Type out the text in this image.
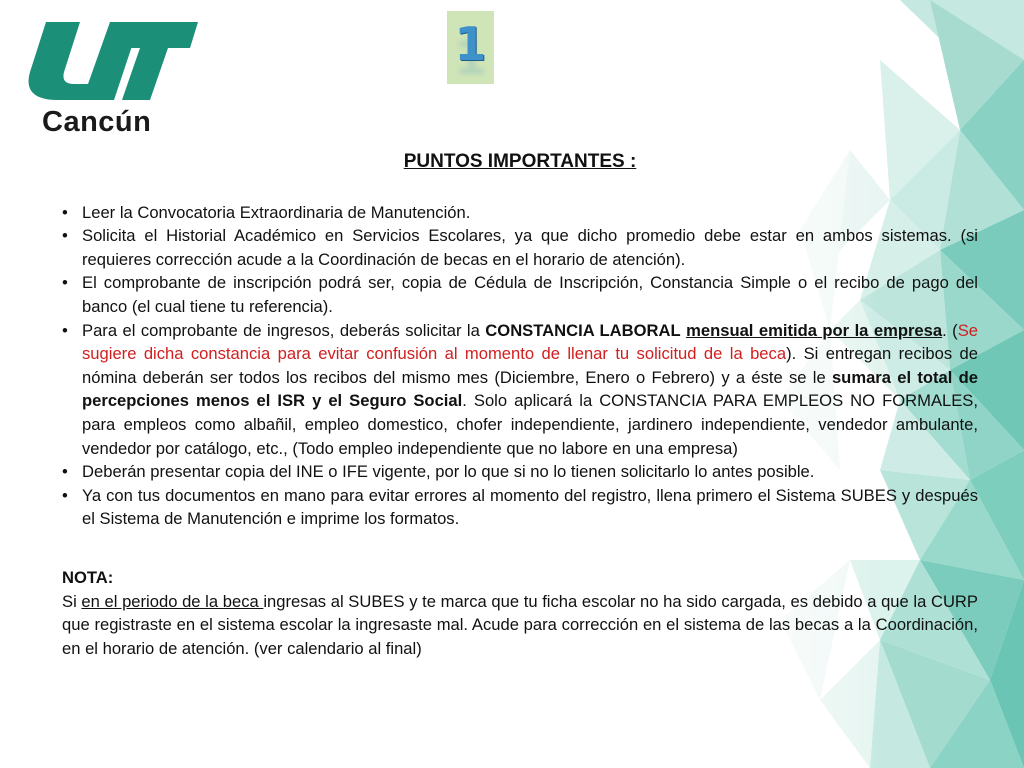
Cancún
1
PUNTOS IMPORTANTES :
• Leer la Convocatoria Extraordinaria de Manutención.
• Solicita el Historial Académico en Servicios Escolares, ya que dicho promedio debe estar en ambos sistemas. (si requieres corrección acude a la Coordinación de becas en el horario de atención).
• El comprobante de inscripción podrá ser, copia de Cédula de Inscripción, Constancia Simple o el recibo de pago del banco (el cual tiene tu referencia).
• Para el comprobante de ingresos, deberás solicitar la CONSTANCIA LABORAL mensual emitida por la empresa. (Se sugiere dicha constancia para evitar confusión al momento de llenar tu solicitud de la beca). Si entregan recibos de nómina deberán ser todos los recibos del mismo mes (Diciembre, Enero o Febrero) y a éste se le sumara el total de percepciones menos el ISR y el Seguro Social. Solo aplicará la CONSTANCIA PARA EMPLEOS NO FORMALES, para empleos como albañil, empleo domestico, chofer independiente, jardinero independiente, vendedor ambulante, vendedor por catálogo, etc., (Todo empleo independiente que no labore en una empresa)
• Deberán presentar copia del INE o IFE vigente, por lo que si no lo tienen solicitarlo lo antes posible.
• Ya con tus documentos en mano para evitar errores al momento del registro, llena primero el Sistema SUBES y después el Sistema de Manutención e imprime los formatos.
NOTA:
Si en el periodo de la beca ingresas al SUBES y te marca que tu ficha escolar no ha sido cargada, es debido a que la CURP que registraste en el sistema escolar la ingresaste mal. Acude para corrección en el sistema de las becas a la Coordinación, en el horario de atención. (ver calendario al final)
